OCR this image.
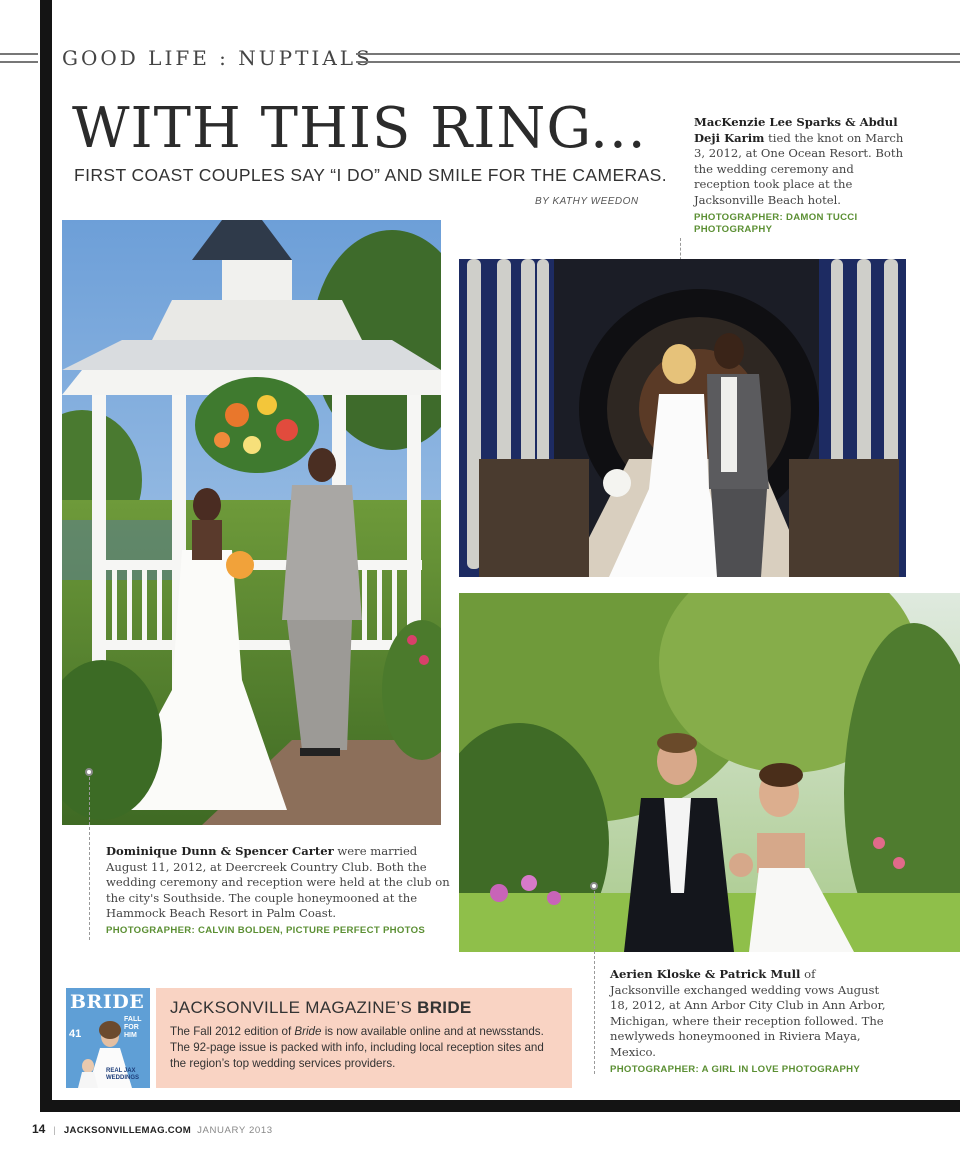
GOOD LIFE : NUPTIALS
WITH THIS RING...
FIRST COAST COUPLES SAY “I DO” AND SMILE FOR THE CAMERAS.
BY KATHY WEEDON
MacKenzie Lee Sparks & Abdul Deji Karim tied the knot on March 3, 2012, at One Ocean Resort. Both the wedding ceremony and reception took place at the Jacksonville Beach hotel.
PHOTOGRAPHER: DAMON TUCCI PHOTOGRAPHY
Dominique Dunn & Spencer Carter were married August 11, 2012, at Deercreek Country Club. Both the wedding ceremony and reception were held at the club on the city's Southside. The couple honeymooned at the Hammock Beach Resort in Palm Coast.
PHOTOGRAPHER: CALVIN BOLDEN, PICTURE PERFECT PHOTOS
Aerien Kloske & Patrick Mull of Jacksonville exchanged wedding vows August 18, 2012, at Ann Arbor City Club in Ann Arbor, Michigan, where their reception followed. The newlyweds honeymooned in Riviera Maya, Mexico.
PHOTOGRAPHER: A GIRL IN LOVE PHOTOGRAPHY
BRIDE
41
FALL FOR HIM
REAL JAX WEDDINGS
JACKSONVILLE MAGAZINE’S BRIDE
The Fall 2012 edition of Bride is now available online and at newsstands. The 92-page issue is packed with info, including local reception sites and the region’s top wedding services providers.
14 | JACKSONVILLEMAG.COM JANUARY 2013
